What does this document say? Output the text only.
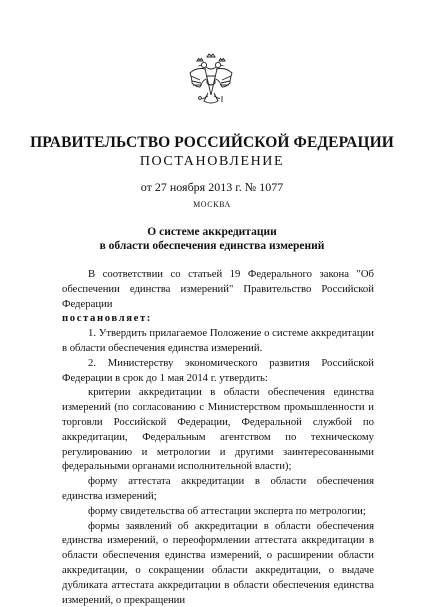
ПРАВИТЕЛЬСТВО РОССИЙСКОЙ ФЕДЕРАЦИИ
ПОСТАНОВЛЕНИЕ
от 27 ноября 2013 г. № 1077
МОСКВА
О системе аккредитации
в области обеспечения единства измерений

В соответствии со статьей 19 Федерального закона "Об обеспечении единства измерений" Правительство Российской Федерации

постановляет:

1. Утвердить прилагаемое Положение о системе аккредитации в области обеспечения единства измерений.

2. Министерству экономического развития Российской Федерации в срок до 1 мая 2014 г. утвердить:

критерии аккредитации в области обеспечения единства измерений (по согласованию с Министерством промышленности и торговли Российской Федерации, Федеральной службой по аккредитации, Федеральным агентством по техническому регулированию и метрологии и другими заинтересованными федеральными органами исполнительной власти);

форму аттестата аккредитации в области обеспечения единства измерений;

форму свидетельства об аттестации эксперта по метрологии;

формы заявлений об аккредитации в области обеспечения единства измерений, о переоформлении аттестата аккредитации в области обеспечения единства измерений, о расширении области аккредитации, о сокращении области аккредитации, о выдаче дубликата аттестата аккредитации в области обеспечения единства измерений, о прекращении
